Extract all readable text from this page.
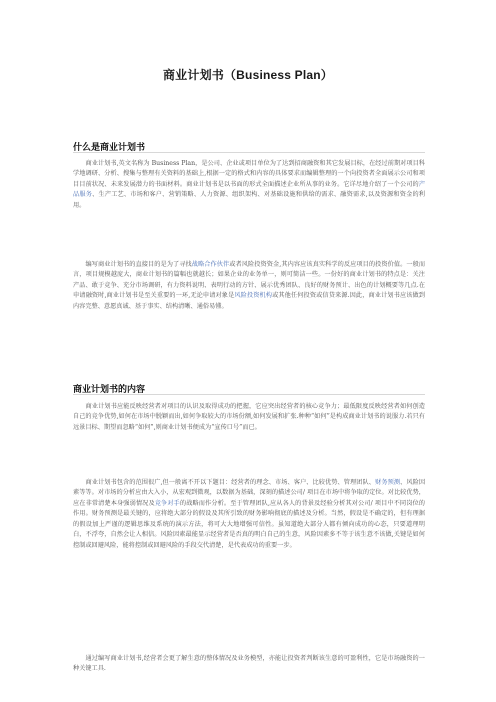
商业计划书（Business Plan）
什么是商业计划书

商业计划书,英文名称为 Business Plan，是公司、企业或项目单位为了达到招商融资和其它发展目标，在经过前期对项目科学地调研、分析、搜集与整理有关资料的基础上,根据一定的格式和内容的具体要求而编辑整理的一个向投资者全面展示公司和项目目前状况、未来发展潜力的书面材料。商业计划书是以书面的形式全面描述企业所从事的业务。它详尽地介绍了一个公司的产品服务、生产工艺、市场和客户、营销策略、人力资源、组织架构、对基础设施和供给的需求、融资需求,以及资源和资金的利用。

编写商业计划书的直接目的是为了寻找战略合作伙伴或者风险投资资金,其内容应该真实科学的反应项目的投资价值。一般而言，项目规模越庞大，商业计划书的篇幅也就越长；如果企业的业务单一，则可简洁一些。一份好的商业计划书的特点是：关注产品、敢于竞争、充分市场调研，有力资料说明、表明行动的方针、展示优秀团队、良好的财务预计、出色的计划概要等几点.在申请融资时,商业计划书是至关重要的一环,无论申请对象是风险投资机构或其他任何投资或信贷来源.因此，商业计划书应该做到内容完整、意愿真诚、基于事实、结构清晰、通俗易懂。

商业计划书的内容

商业计划书应能反映经营者对项目的认识及取得成功的把握，它应突出经营者的核心竞争力；最低限度反映经营者如何创造自己的竞争优势,如何在市场中脱颖而出,如何争取较大的市场份额,如何发展和扩张.种种“如何”是构成商业计划书的说服力.若只有远景目标、期望而忽略“如何”,则商业计划书便成为“宣传口号”而已。

商业计划书包含的范围很广,但一般离不开以下题目：经营者的理念、市场、客户、比较优势、管理团队、财务预测、风险因素等等。对市场的分析应由大入小，从宏观到微观，以数据为基础，深刻的描述公司/ 项目在市场中将争取的定位。对比较优势，应在非常清楚本身强弱情况及竞争对手的战略而作分析。至于管理团队,应从各人的背景及经验分析其对公司/ 项目中不同岗位的作用。财务预测是最关键的，应将绝大部分的假设及其所引致的财务影响彻底的描述及分析。当然，假设是不确定的，但有理据的假设加上严谨的逻辑思维及系统的演示方法，将可大大地增强可信性。虽知道绝大部分人都有倾向成功的心态，只要道理明白，不浮夸，自然会让人相信。风险因素最能显示经营者是否真的明白自己的生意，风险因素多不等于该生意不该做,关键是如何控制或回避风险，能将控制或回避风险的手段交代清楚，是代表成功的重要一步。

通过编写商业计划书,经营者会更了解生意的整体情况及业务模型，亦能让投资者判断该生意的可盈利性，它是市场融资的一种关键工具.
